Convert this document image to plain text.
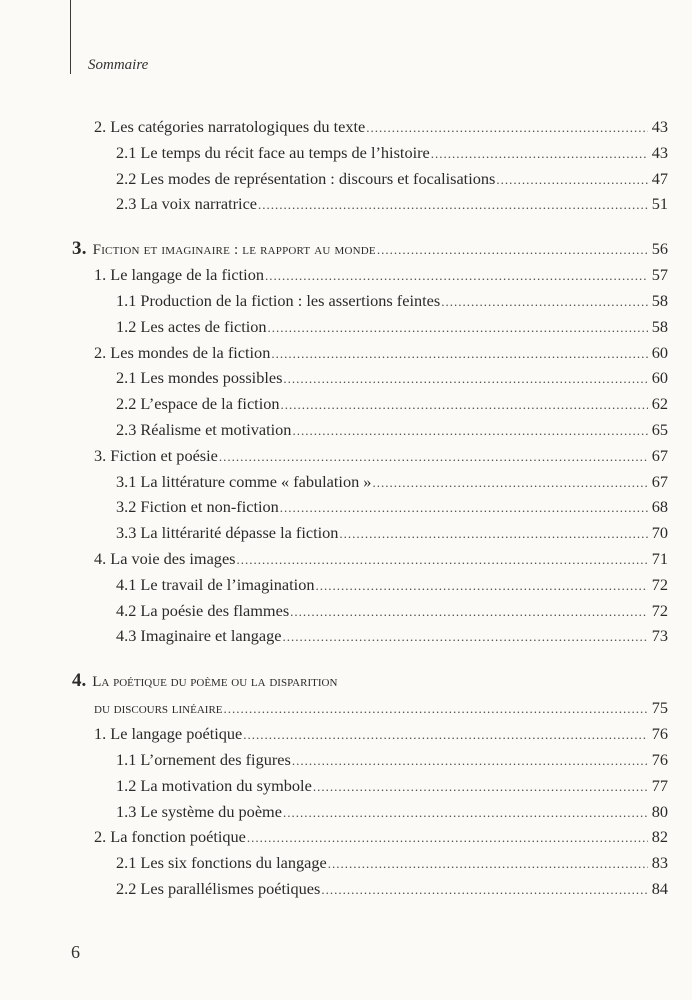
Sommaire
2. Les catégories narratologiques du texte .....	43
2.1 Le temps du récit face au temps de l’histoire .....	43
2.2 Les modes de représentation : discours et focalisations .....	47
2.3 La voix narratrice .....	51
3. Fiction et imaginaire : le rapport au monde .....	56
1. Le langage de la fiction .....	57
1.1 Production de la fiction : les assertions feintes .....	58
1.2 Les actes de fiction .....	58
2. Les mondes de la fiction .....	60
2.1 Les mondes possibles .....	60
2.2 L’espace de la fiction .....	62
2.3 Réalisme et motivation .....	65
3. Fiction et poésie .....	67
3.1 La littérature comme « fabulation » .....	67
3.2 Fiction et non-fiction .....	68
3.3 La littérarité dépasse la fiction .....	70
4. La voie des images .....	71
4.1 Le travail de l’imagination .....	72
4.2 La poésie des flammes .....	72
4.3 Imaginaire et langage .....	73
4. La poétique du poème ou la disparition
du discours linéaire .....	75
1. Le langage poétique .....	76
1.1 L’ornement des figures .....	76
1.2 La motivation du symbole .....	77
1.3 Le système du poème .....	80
2. La fonction poétique .....	82
2.1 Les six fonctions du langage .....	83
2.2 Les parallélismes poétiques .....	84
6
